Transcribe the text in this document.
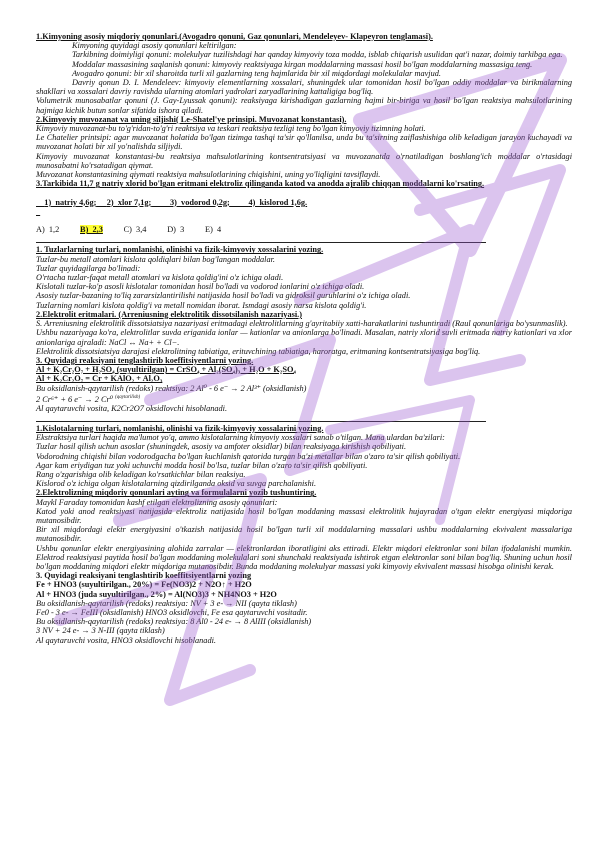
1.Kimyoning asosiy miqdoriy qonunlari.(Avogadro qonuni, Gaz qonunlari, Mendeleyev- Klapeyron tenglamasi).

Kimyoning quyidagi asosiy qonunlari keltirilgan:

Tarkibning doimiyligi qonuni: molekulyar tuzilishdagi har qanday kimyoviy toza modda, isblab chiqarish usulidan qat'i nazar, doimiy tarkibga ega.

Moddalar massasining saqlanish qonuni: kimyoviy reaktsiyaga kirgan moddalarning massasi hosil bo'lgan moddalarning massasiga teng.

Avogadro qonuni: bir xil sharoitda turli xil gazlarning teng hajmlarida bir xil miqdordagi molekulalar mavjud.

Davriy qonun D. I. Mendeleev: kimyoviy elementlarning xossalari, shuningdek ular tomonidan hosil bo'lgan oddiy moddalar va birikmalarning shakllari va xossalari davriy ravishda ularning atomlari yadrolari zaryadlarining kattaligiga bog'liq.

Volumetrik munosabatlar qonuni (J. Gay-Lyussak qonuni): reaksiyaga kirishadigan gazlarning hajmi bir-biriga va hosil bo'lgan reaktsiya mahsulotlarining hajmiga kichik butun sonlar sifatida ishora qiladi.

2.Kimyoviy muvozanat va uning siljishi( Le-Shatel'ye prinsipi. Muvozanat konstantasi).

Kimyoviy muvozanat-bu to'g'ridan-to'g'ri reaktsiya va teskari reaktsiya tezligi teng bo'lgan kimyoviy tizimning holati.

Le Chatelier printsipi: agar muvozanat holatida bo'lgan tizimga tashqi ta'sir qo'llanilsa, unda bu ta'sirning zaiflashishiga olib keladigan jarayon kuchayadi va muvozanat holati bir xil yo'nalishda siljiydi.

Kimyoviy muvozanat konstantasi-bu reaktsiya mahsulotlarining kontsentratsiyasi va muvozanatda o'rnatiladigan boshlang'ich moddalar o'rtasidagi munosabatni ko'rsatadigan qiymat.

Muvozanat konstantasining qiymati reaktsiya mahsulotlarining chiqishini, uning yo'liqligini tavsiflaydi.

3.Tarkibida 11,7 g natriy xlorid bo'lgan eritmani elektroliz qilinganda katod va anodda ajralib chiqqan moddalarni ko'rsating.

1)  natriy 4,6g; 2)  xlor 7,1g; 3)  vodorod 0,2g; 4)  kislorod 1,6g.

A)  1,2	B)  2,3	C)  3,4	D)  3	E)  4

1. Tuzlarlarning turlari, nomlanishi, olinishi va fizik-kimyoviy xossalarini yozing.

Tuzlar-bu metall atomlari kislota qoldiqlari bilan bog'langan moddalar.

Tuzlar quyidagilarga bo'linadi:

O'rtacha tuzlar-faqat metall atomlari va kislota qoldig'ini o'z ichiga oladi.

Kislotali tuzlar-ko'p asosli kislotalar tomonidan hosil bo'ladi va vodorod ionlarini o'z ichiga oladi.

Asosiy tuzlar-bazaning to'liq zararsizlantirilishi natijasida hosil bo'ladi va gidroksil guruhlarini o'z ichiga oladi.

Tuzlarning nomlari kislota qoldig'i va metall nomidan iborat. Ismdagi asosiy narsa kislota qoldig'i.

2.Elektrolit eritmalari. (Arreniusning elektrolitik dissotsilanish nazariyasi.)

S. Arreniusning elektrolitik dissotsiatsiya nazariyasi eritmadagi elektrolitlarning g'ayritabiiy xatti-harakatlarini tushuntiradi (Raul qonunlariga bo'ysunmaslik).

Ushbu nazariyaga ko'ra, elektrolitlar suvda eriganida ionlar — kationlar va anionlarga bo'linadi. Masalan, natriy xlorid suvli eritmada natriy kationlari va xlor anionlariga ajraladi: NaCl ↔ Na+ + Cl−.

Elektrolitik dissotsiatsiya darajasi elektrolitning tabiatiga, erituvchining tabiatiga, haroratga, eritmaning kontsentratsiyasiga bog'liq.

3. Quyidagi reaksiyani tenglashtirib koeffitsiyentlarni yozing.

Al + K₂Cr₂O₇ + H₂SO₄ (suyultirilgan) = CrSO₄ + Al₂(SO₄)₃ + H₂O + K₂SO₄

Al + K₂Cr₂O₇ = Cr + KAlO₂ + Al₂O₃

Bu oksidlanish-qaytarilish (redoks) reaktsiya: 2 Al⁰ - 6 e⁻ → 2 Al³⁺ (oksidlanish)

2 Cr⁶⁺ + 6 e⁻ → 2 Cr⁰ $^{(qaytarilish)}$

Al qaytaruvchi vosita, K2Cr2O7 oksidlovchi hisoblanadi.

1.Kislotalarning turlari, nomlanishi, olinishi va fizik-kimyoviy xossalarini yozing.

Ekstraktsiya turlari haqida ma'lumot yo'q, ammo kislotalarning kimyoviy xossalari sanab o'tilgan. Mana ulardan ba'zilari:

Tuzlar hosil qilish uchun asoslar (shuningdek, asosiy va amfoter oksidlar) bilan reaksiyaga kirishish qobiliyati.

Vodorodning chiqishi bilan vodorodgacha bo'lgan kuchlanish qatorida turgan ba'zi metallar bilan o'zaro ta'sir qilish qobiliyati.

Agar kam eriydigan tuz yoki uchuvchi modda hosil bo'lsa, tuzlar bilan o'zaro ta'sir qilish qobiliyati.

Rang o'zgarishiga olib keladigan ko'rsatkichlar bilan reaksiya.

Kislorod o'z ichiga olgan kislotalarning qizdirilganda oksid va suvga parchalanishi.

2.Elektrolizning miqdoriy qonunlari ayting va formulalarni yozib tushuntiring.

Maykl Faraday tomonidan kashf etilgan elektrolizning asosiy qonunlari:

Katod yoki anod reaktsiyasi natijasida elektroliz natijasida hosil bo'lgan moddaning massasi elektrolitik hujayradan o'tgan elektr energiyasi miqdoriga mutanosibdir.

Bir xil miqdordagi elektr energiyasini o'tkazish natijasida hosil bo'lgan turli xil moddalarning massalari ushbu moddalarning ekvivalent massalariga mutanosibdir.

Ushbu qonunlar elektr energiyasining alohida zarralar — elektronlardan iboratligini aks ettiradi. Elektr miqdori elektronlar soni bilan ifodalanishi mumkin. Elektrod reaktsiyasi paytida hosil bo'lgan moddaning molekulalari soni shunchaki reaktsiyada ishtirok etgan elektronlar soni bilan bog'liq. Shuning uchun hosil bo'lgan moddaning miqdori elektr miqdoriga mutanosibdir. Bunda moddaning molekulyar massasi yoki kimyoviy ekvivalent massasi hisobga olinishi kerak.

3. Quyidagi reaksiyani tenglashtirib koeffitsiyentlarni yozing

Fe + HNO3 (suyultirilgan., 20%) = Fe(NO3)2 + N2O↑ + H2O

Al + HNO3 (juda suyultirilgan., 2%) = Al(NO3)3 + NH4NO3 + H2O

Bu oksidlanish-qaytarilish (redoks) reaktsiya: NV + 3 e- → NII (qayta tiklash)

Fe0 - 3 e- → FeIII (oksidlanish) HNO3 oksidlovchi, Fe esa qaytaruvchi vositadir.

Bu oksidlanish-qaytarilish (redoks) reaktsiya: 8 Al0 - 24 e- → 8 AlIII (oksidlanish)

3 NV + 24 e- → 3 N-III (qayta tiklash)

Al qaytaruvchi vosita, HNO3 oksidlovchi hisoblanadi.
